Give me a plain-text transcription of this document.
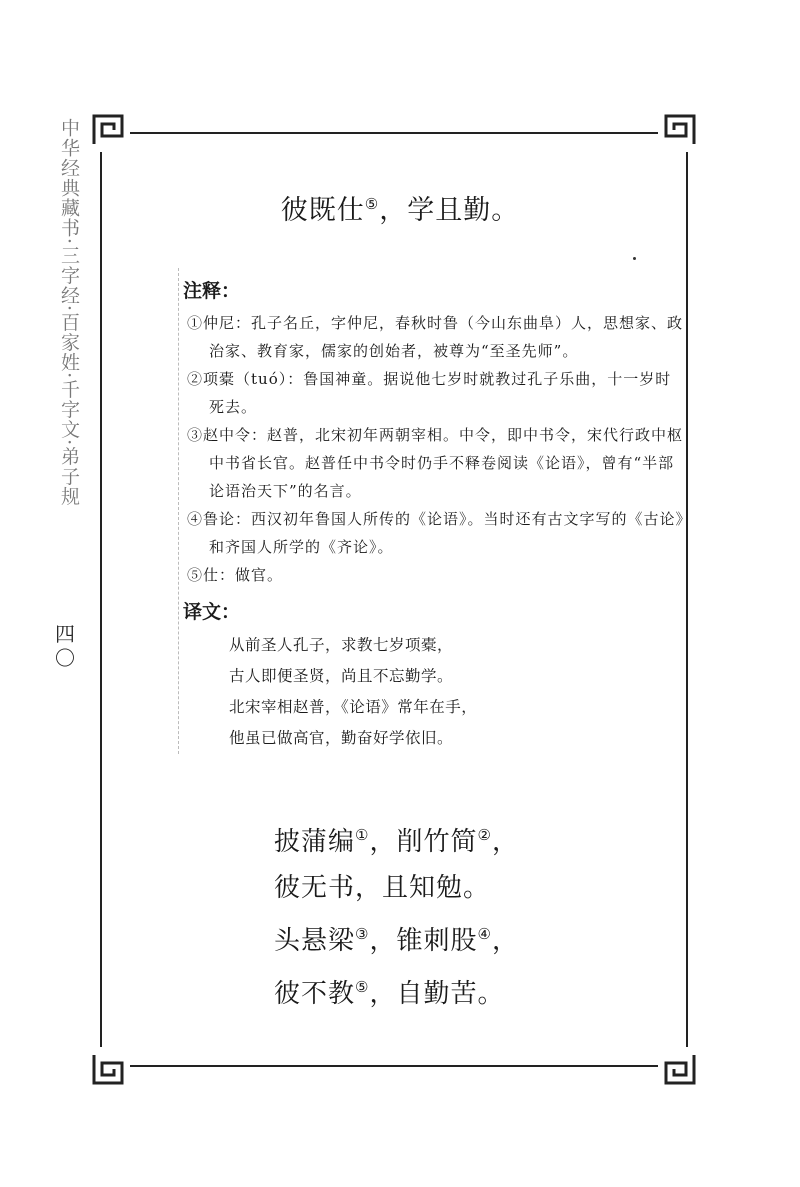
中华经典藏书·三字经·百家姓·千字文·弟子规
四〇
彼既仕⑤，学且勤。
注释：

①仲尼：孔子名丘，字仲尼，春秋时鲁（今山东曲阜）人，思想家、政治家、教育家，儒家的创始者，被尊为“至圣先师”。

②项橐（tuó）：鲁国神童。据说他七岁时就教过孔子乐曲，十一岁时死去。

③赵中令：赵普，北宋初年两朝宰相。中令，即中书令，宋代行政中枢中书省长官。赵普任中书令时仍手不释卷阅读《论语》，曾有“半部论语治天下”的名言。

④鲁论：西汉初年鲁国人所传的《论语》。当时还有古文字写的《古论》和齐国人所学的《齐论》。

⑤仕：做官。

译文：
从前圣人孔子，求教七岁项橐，
古人即便圣贤，尚且不忘勤学。
北宋宰相赵普，《论语》常年在手，
他虽已做高官，勤奋好学依旧。
披蒲编①，削竹简②，
彼无书，且知勉。
头悬梁③，锥刺股④，
彼不教⑤，自勤苦。
